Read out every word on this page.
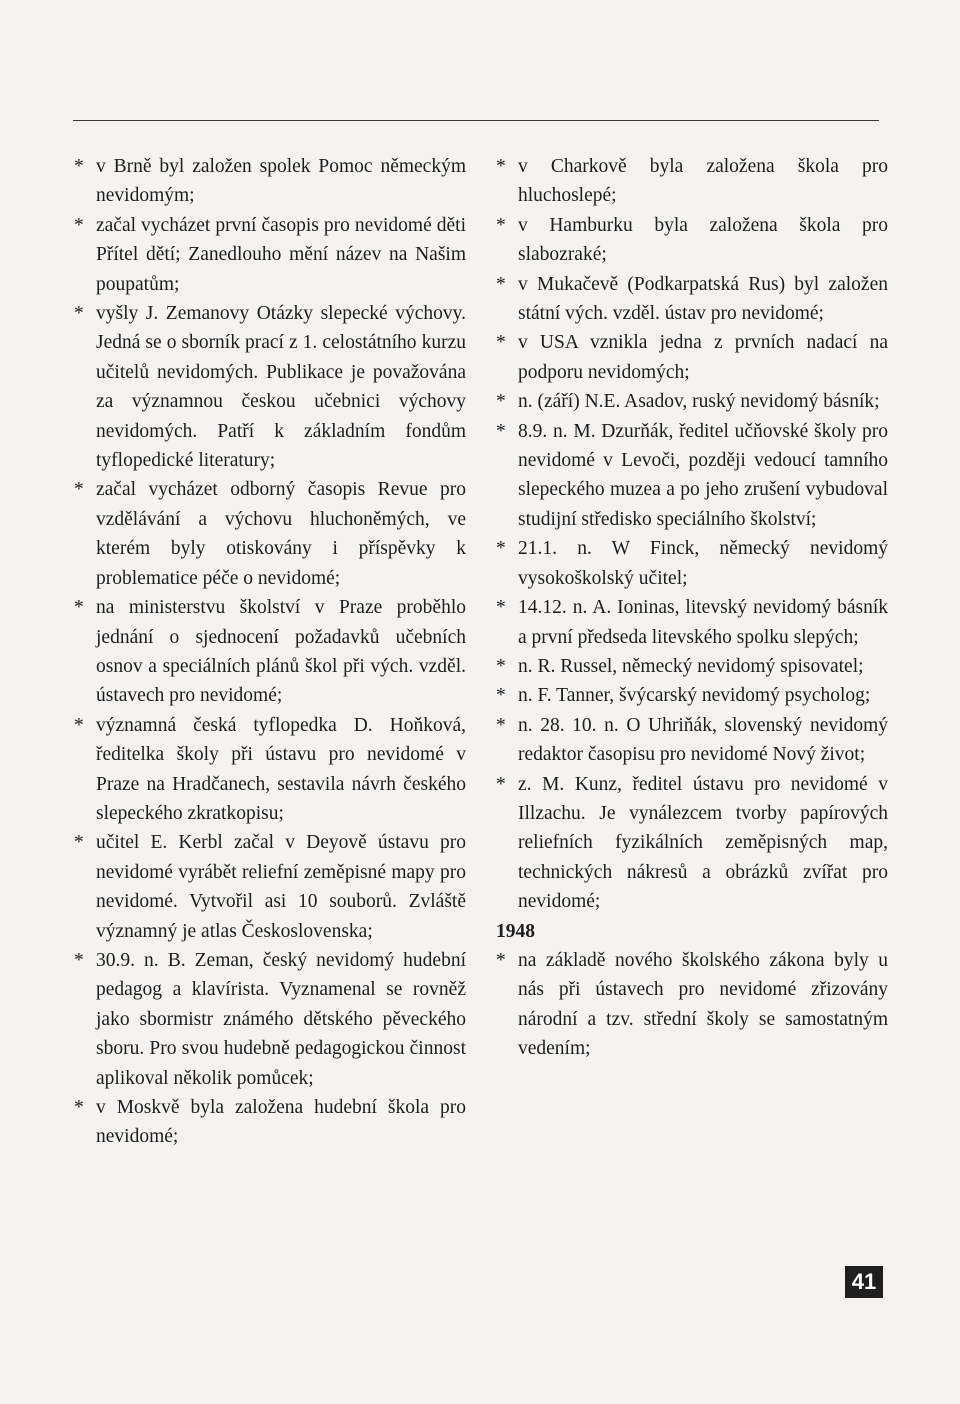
* v Brně byl založen spolek Pomoc německým nevidomým;
* začal vycházet první časopis pro nevidomé děti Přítel dětí; Zanedlouho mění název na Našim poupatům;
* vyšly J. Zemanovy Otázky slepecké výchovy. Jedná se o sborník prací z 1. celostátního kurzu učitelů nevidomých. Publikace je považována za významnou českou učebnici výchovy nevidomých. Patří k základním fondům tyflopedické literatury;
* začal vycházet odborný časopis Revue pro vzdělávání a výchovu hluchoněmých, ve kterém byly otiskovány i příspěvky k problematice péče o nevidomé;
* na ministerstvu školství v Praze proběhlo jednání o sjednocení požadavků učebních osnov a speciálních plánů škol při vých. vzděl. ústavech pro nevidomé;
* významná česká tyflopedka D. Hoňková, ředitelka školy při ústavu pro nevidomé v Praze na Hradčanech, sestavila návrh českého slepeckého zkratkopisu;
* učitel E. Kerbl začal v Deyově ústavu pro nevidomé vyrábět reliefní zeměpisné mapy pro nevidomé. Vytvořil asi 10 souborů. Zvláště významný je atlas Československa;
* 30.9. n. B. Zeman, český nevidomý hudební pedagog a klavírista. Vyznamenal se rovněž jako sbormistr známého dětského pěveckého sboru. Pro svou hudebně pedagogickou činnost aplikoval několik pomůcek;
* v Moskvě byla založena hudební škola pro nevidomé;
* v Charkově byla založena škola pro hluchoslepé;
* v Hamburku byla založena škola pro slabozraké;
* v Mukačevě (Podkarpatská Rus) byl založen státní vých. vzděl. ústav pro nevidomé;
* v USA vznikla jedna z prvních nadací na podporu nevidomých;
* n. (září) N.E. Asadov, ruský nevidomý básník;
* 8.9. n. M. Dzurňák, ředitel učňovské školy pro nevidomé v Levoči, později vedoucí tamního slepeckého muzea a po jeho zrušení vybudoval studijní středisko speciálního školství;
* 21.1. n. W Finck, německý nevidomý vysokoškolský učitel;
* 14.12. n. A. Ioninas, litevský nevidomý básník a první předseda litevského spolku slepých;
* n. R. Russel, německý nevidomý spisovatel;
* n. F. Tanner, švýcarský nevidomý psycholog;
* n. 28. 10. n. O Uhriňák, slovenský nevidomý redaktor časopisu pro nevidomé Nový život;
* z. M. Kunz, ředitel ústavu pro nevidomé v Illzachu. Je vynálezcem tvorby papírových reliefních fyzikálních zeměpisných map, technických nákresů a obrázků zvířat pro nevidomé;
1948
* na základě nového školského zákona byly u nás při ústavech pro nevidomé zřizovány národní a tzv. střední školy se samostatným vedením;
41
